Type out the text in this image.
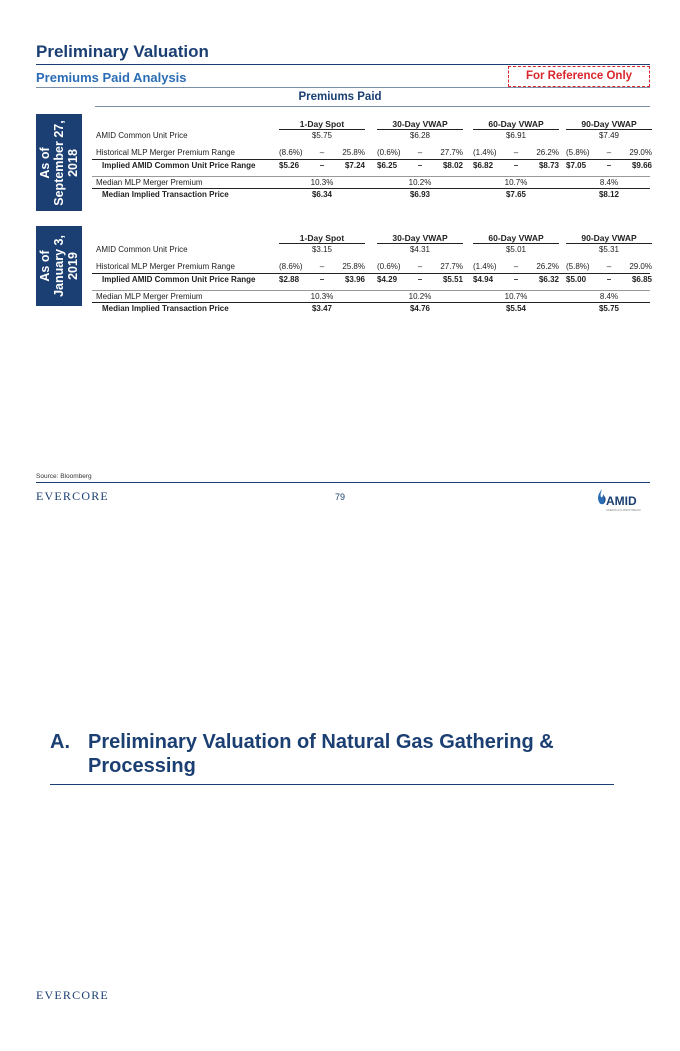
Preliminary Valuation
Premiums Paid Analysis	For Reference Only
Premiums Paid
As of September 27, 2018
As of January 3, 2019
1-Day Spot	30-Day VWAP	60-Day VWAP	90-Day VWAP
AMID Common Unit Price	$5.75	$6.28	$6.91	$7.49
Historical MLP Merger Premium Range	(8.6%)	–	25.8% (0.6%)	–	27.7% (1.4%)	–	26.2% (5.8%)	–	29.0%
Implied AMID Common Unit Price Range	$5.26	–	$7.24 $6.25	–	$8.02 $6.82	–	$8.73 $7.05	–	$9.66
Median MLP Merger Premium	10.3%	10.2%	10.7%	8.4%
Median Implied Transaction Price	$6.34	$6.93	$7.65	$8.12
1-Day Spot	30-Day VWAP	60-Day VWAP	90-Day VWAP
AMID Common Unit Price	$3.15	$4.31	$5.01	$5.31
Historical MLP Merger Premium Range	(8.6%)	–	25.8% (0.6%)	–	27.7% (1.4%)	–	26.2% (5.8%)	–	29.0%
Implied AMID Common Unit Price Range	$2.88	–	$3.96 $4.29	–	$5.51 $4.94	–	$6.32 $5.00	–	$6.85
Median MLP Merger Premium	10.3%	10.2%	10.7%	8.4%
Median Implied Transaction Price	$3.47	$4.76	$5.54	$5.75
Source: Bloomberg
EVERCORE	79	AMID
AMERICAN MIDSTREAM
A. Preliminary Valuation of Natural Gas Gathering & Processing
EVERCORE
